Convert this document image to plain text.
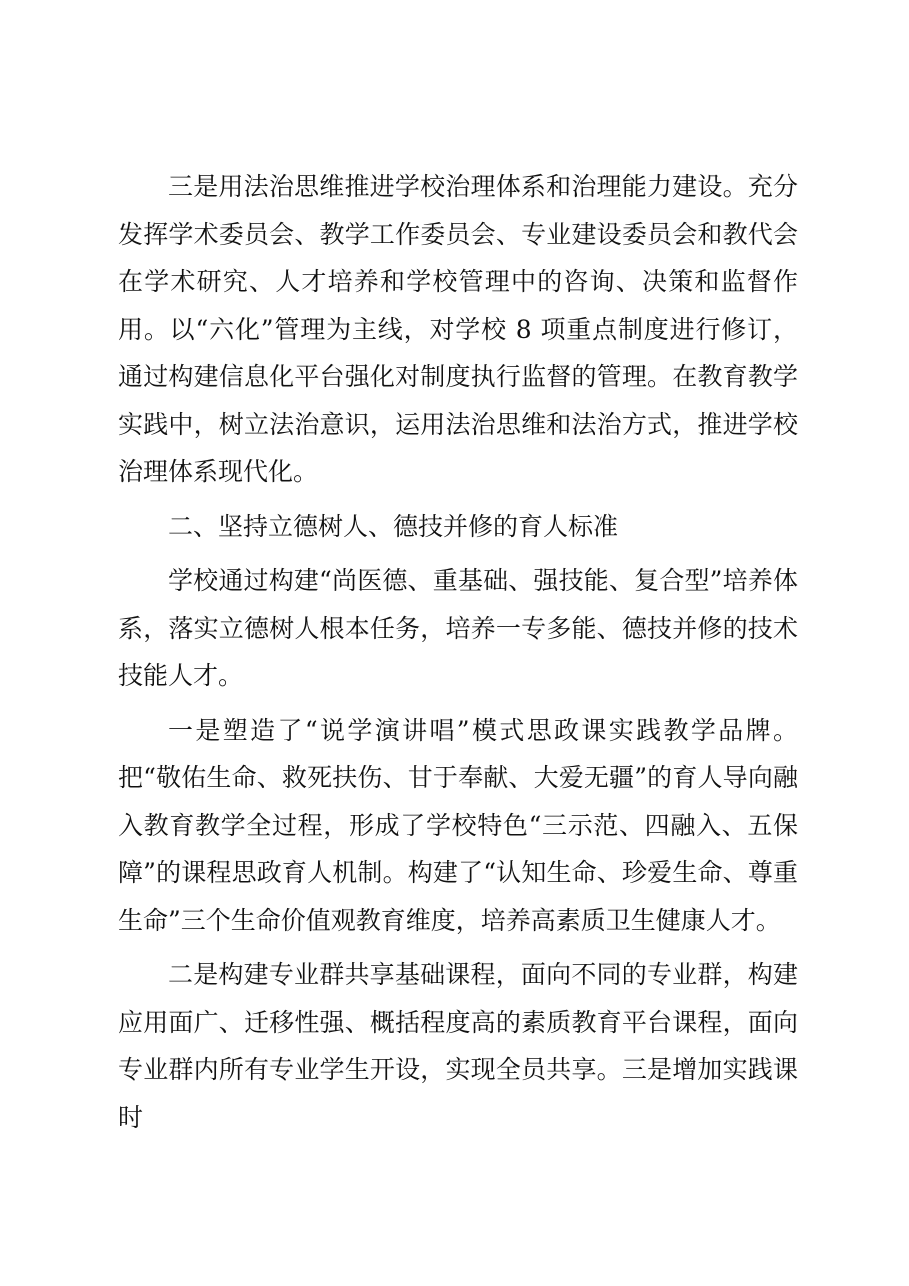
三是用法治思维推进学校治理体系和治理能力建设。充分发挥学术委员会、教学工作委员会、专业建设委员会和教代会在学术研究、人才培养和学校管理中的咨询、决策和监督作用。以“六化”管理为主线，对学校 8 项重点制度进行修订，通过构建信息化平台强化对制度执行监督的管理。在教育教学实践中，树立法治意识，运用法治思维和法治方式，推进学校治理体系现代化。

二、坚持立德树人、德技并修的育人标准

学校通过构建“尚医德、重基础、强技能、复合型”培养体系，落实立德树人根本任务，培养一专多能、德技并修的技术技能人才。

一是塑造了“说学演讲唱”模式思政课实践教学品牌。把“敬佑生命、救死扶伤、甘于奉献、大爱无疆”的育人导向融入教育教学全过程，形成了学校特色“三示范、四融入、五保障”的课程思政育人机制。构建了“认知生命、珍爱生命、尊重生命”三个生命价值观教育维度，培养高素质卫生健康人才。

二是构建专业群共享基础课程，面向不同的专业群，构建应用面广、迁移性强、概括程度高的素质教育平台课程，面向专业群内所有专业学生开设，实现全员共享。三是增加实践课时
